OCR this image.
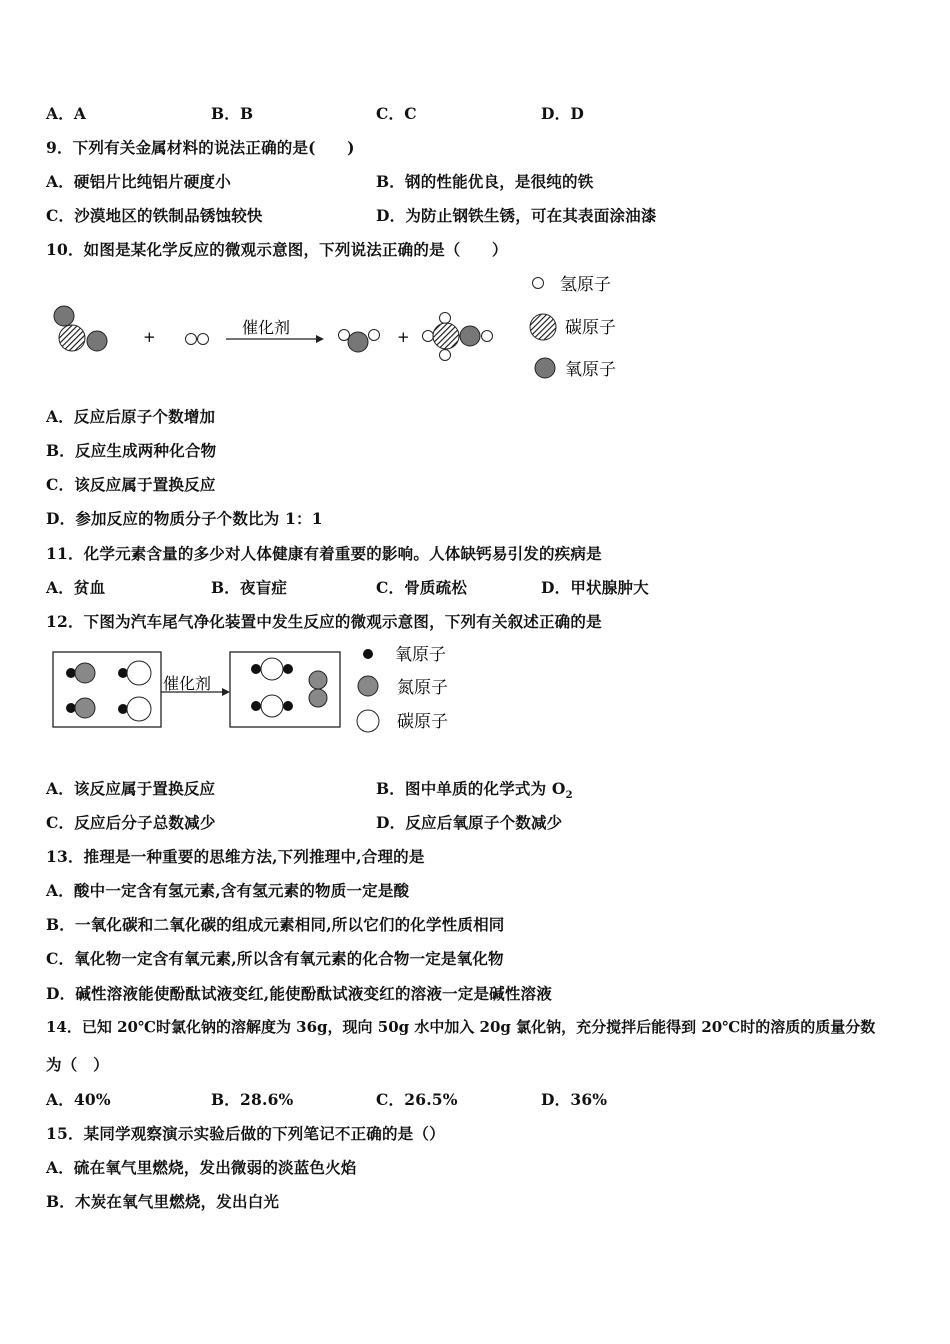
A．A	B．B	C．C	D．D
9．下列有关金属材料的说法正确的是(　　)
A．硬铝片比纯铝片硬度小	B．钢的性能优良，是很纯的铁
C．沙漠地区的铁制品锈蚀较快	D．为防止钢铁生锈，可在其表面涂油漆
10．如图是某化学反应的微观示意图，下列说法正确的是（　　）
+	催化剂	+
氢原子
碳原子
氧原子
A．反应后原子个数增加
B．反应生成两种化合物
C．该反应属于置换反应
D．参加反应的物质分子个数比为 1：1
11．化学元素含量的多少对人体健康有着重要的影响。人体缺钙易引发的疾病是
A．贫血	B．夜盲症	C．骨质疏松	D．甲状腺肿大
12．下图为汽车尾气净化装置中发生反应的微观示意图，下列有关叙述正确的是
催化剂
氧原子
氮原子
碳原子
A．该反应属于置换反应	B．图中单质的化学式为 $O_2$
C．反应后分子总数减少	D．反应后氧原子个数减少
13．推理是一种重要的思维方法,下列推理中,合理的是
A．酸中一定含有氢元素,含有氢元素的物质一定是酸
B．一氧化碳和二氧化碳的组成元素相同,所以它们的化学性质相同
C．氧化物一定含有氧元素,所以含有氧元素的化合物一定是氧化物
D．碱性溶液能使酚酞试液变红,能使酚酞试液变红的溶液一定是碱性溶液
14．已知 20℃时氯化钠的溶解度为 36g，现向 50g 水中加入 20g 氯化钠，充分搅拌后能得到 20℃时的溶质的质量分数
为（　）
A．40%	B．28.6%	C．26.5%	D．36%
15．某同学观察演示实验后做的下列笔记不正确的是（）
A．硫在氧气里燃烧，发出微弱的淡蓝色火焰
B．木炭在氧气里燃烧，发出白光
